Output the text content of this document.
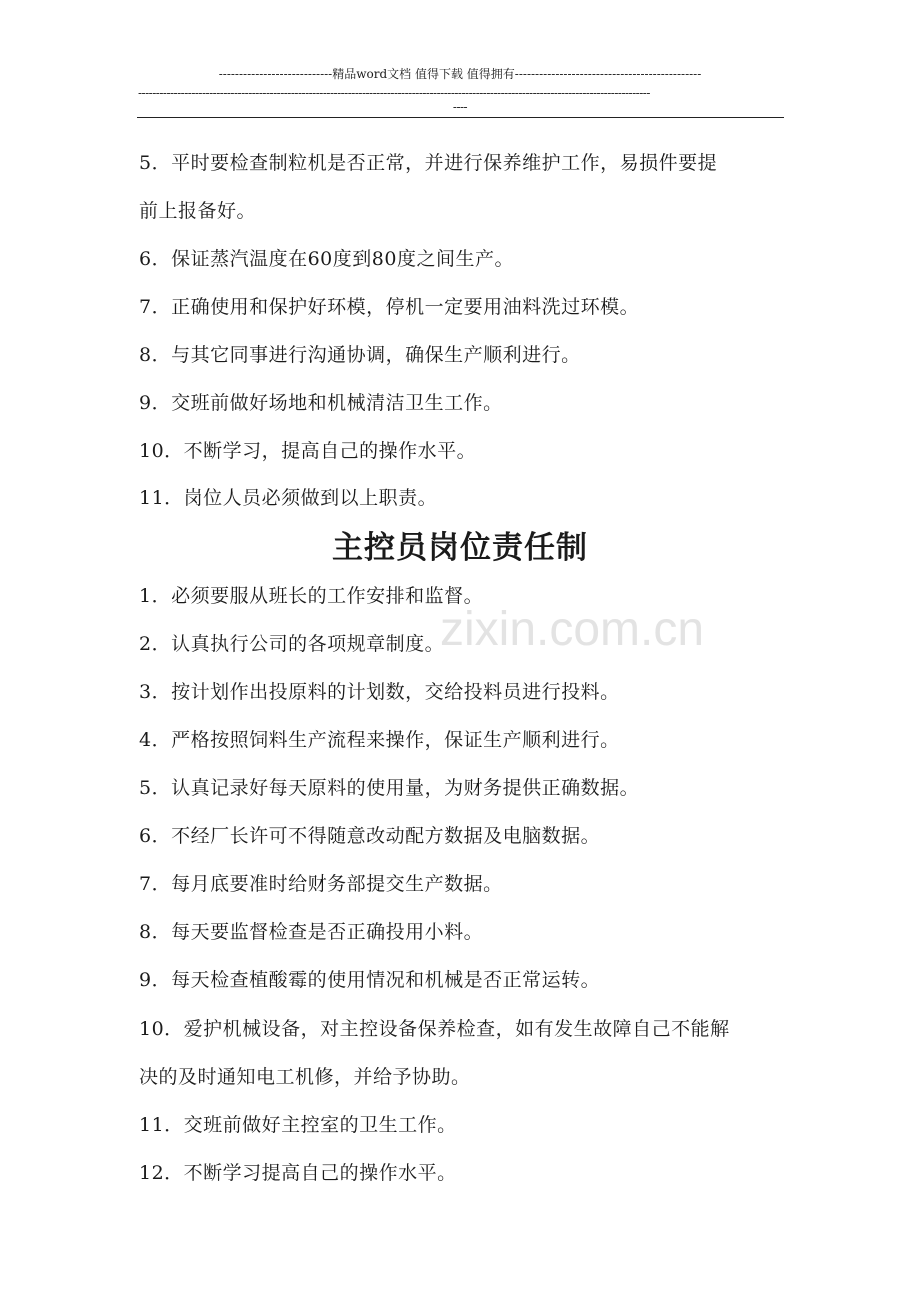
----------------------------精品word文档 值得下载 值得拥有----------------------------------------------
------------------------------------------------------------------------------------------------------------------------------------------------
----
zixin.com.cn
5．平时要检查制粒机是否正常，并进行保养维护工作，易损件要提
前上报备好。
6．保证蒸汽温度在60度到80度之间生产。
7．正确使用和保护好环模，停机一定要用油料洗过环模。
8．与其它同事进行沟通协调，确保生产顺利进行。
9．交班前做好场地和机械清洁卫生工作。
10．不断学习，提高自己的操作水平。
11．岗位人员必须做到以上职责。
主控员岗位责任制
1．必须要服从班长的工作安排和监督。
2．认真执行公司的各项规章制度。
3．按计划作出投原料的计划数，交给投料员进行投料。
4．严格按照饲料生产流程来操作，保证生产顺利进行。
5．认真记录好每天原料的使用量，为财务提供正确数据。
6．不经厂长许可不得随意改动配方数据及电脑数据。
7．每月底要准时给财务部提交生产数据。
8．每天要监督检查是否正确投用小料。
9．每天检查植酸霉的使用情况和机械是否正常运转。
10．爱护机械设备，对主控设备保养检查，如有发生故障自己不能解
决的及时通知电工机修，并给予协助。
11．交班前做好主控室的卫生工作。
12．不断学习提高自己的操作水平。
